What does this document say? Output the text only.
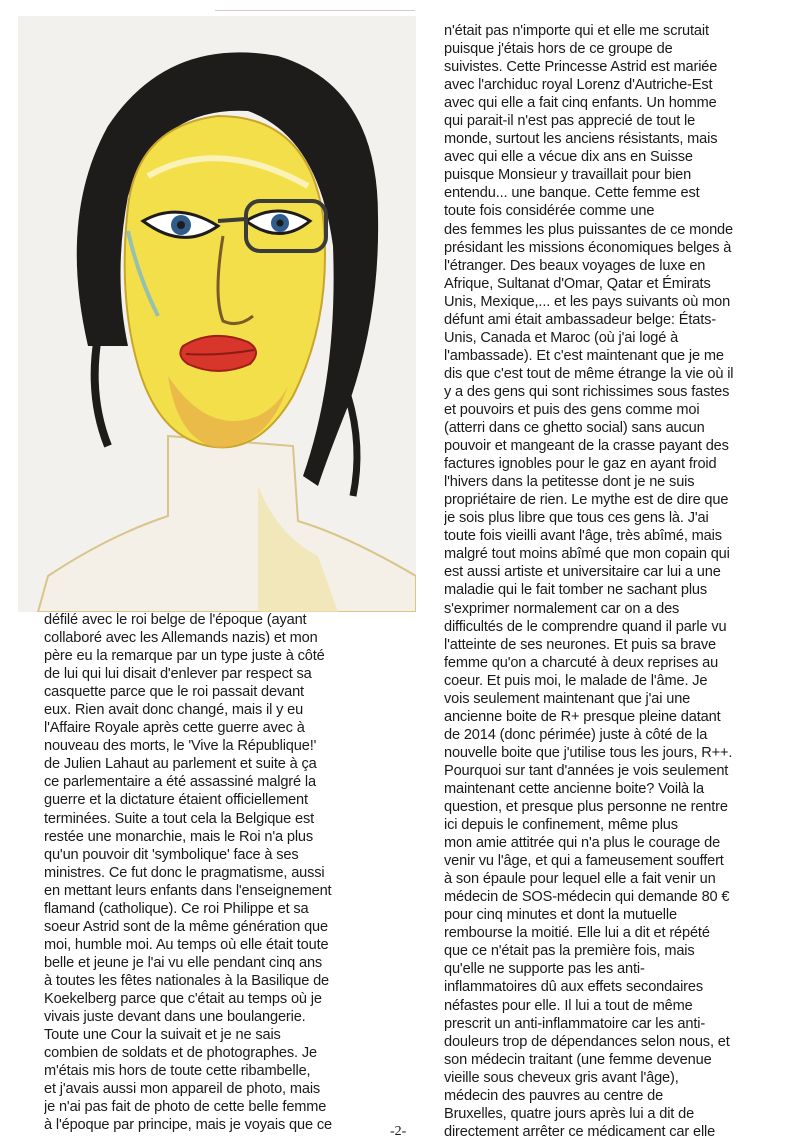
n'était pas n'importe qui et elle me scrutait
puisque j'étais hors de ce groupe de
suivistes. Cette Princesse Astrid est mariée
avec l'archiduc royal Lorenz d'Autriche-Est
avec qui elle a fait cinq enfants. Un homme
qui parait-il n'est pas apprecié de tout le
monde, surtout les anciens résistants, mais
avec qui elle a vécue dix ans en Suisse
puisque Monsieur y travaillait pour bien
entendu... une banque. Cette femme est
toute fois considérée comme une
des femmes les plus puissantes de ce monde
présidant les missions économiques belges à
l'étranger. Des beaux voyages de luxe en
Afrique, Sultanat d'Omar, Qatar et Émirats
Unis, Mexique,... et les pays suivants où mon
défunt ami était ambassadeur belge: États-
Unis, Canada et Maroc (où j'ai logé à
l'ambassade). Et c'est maintenant que je me
dis que c'est tout de même étrange la vie où il
y a des gens qui sont richissimes sous fastes
et pouvoirs et puis des gens comme moi
(atterri dans ce ghetto social) sans aucun
pouvoir et mangeant de la crasse payant des
factures ignobles pour le gaz en ayant froid
l'hivers dans la petitesse dont je ne suis
propriétaire de rien. Le mythe est de dire que
je sois plus libre que tous ces gens là. J'ai
toute fois vieilli avant l'âge, très abîmé, mais
malgré tout moins abîmé que mon copain qui
est aussi artiste et universitaire car lui a une
maladie qui le fait tomber ne sachant plus
s'exprimer normalement car on a des
difficultés de le comprendre quand il parle vu
l'atteinte de ses neurones. Et puis sa brave
femme qu'on a charcuté à deux reprises au
coeur. Et puis moi, le malade de l'âme. Je
vois seulement maintenant que j'ai une
ancienne boite de R+ presque pleine datant
de 2014 (donc périmée) juste à côté de la
nouvelle boite que j'utilise tous les jours, R++.
Pourquoi sur tant d'années je vois seulement
maintenant cette ancienne boite? Voilà la
question, et presque plus personne ne rentre
ici depuis le confinement, même plus
mon amie attitrée qui n'a plus le courage de
venir vu l'âge, et qui a fameusement souffert
à son épaule pour lequel elle a fait venir un
médecin de SOS-médecin qui demande 80 €
pour cinq minutes et dont la mutuelle
rembourse la moitié. Elle lui a dit et répété
que ce n'était pas la première fois, mais
qu'elle ne supporte pas les anti-
inflammatoires dû aux effets secondaires
néfastes pour elle. Il lui a tout de même
prescrit un anti-inflammatoire car les anti-
douleurs trop de dépendances selon nous, et
son médecin traitant (une femme devenue
vieille sous cheveux gris avant l'âge),
médecin des pauvres au centre de
Bruxelles, quatre jours après lui a dit de
directement arrêter ce médicament car elle
défilé avec le roi belge de l'époque (ayant
collaboré avec les Allemands nazis) et mon
père eu la remarque par un type juste à côté
de lui qui lui disait d'enlever par respect sa
casquette parce que le roi passait devant
eux. Rien avait donc changé, mais il y eu
l'Affaire Royale après cette guerre avec à
nouveau des morts, le 'Vive la République!'
de Julien Lahaut au parlement et suite à ça
ce parlementaire a été assassiné malgré la
guerre et la dictature étaient officiellement
terminées. Suite a tout cela la Belgique est
restée une monarchie, mais le Roi n'a plus
qu'un pouvoir dit 'symbolique' face à ses
ministres. Ce fut donc le pragmatisme, aussi
en mettant leurs enfants dans l'enseignement
flamand (catholique). Ce roi Philippe et sa
soeur Astrid sont de la même génération que
moi, humble moi. Au temps où elle était toute
belle et jeune je l'ai vu elle pendant cinq ans
à toutes les fêtes nationales à la Basilique de
Koekelberg parce que c'était au temps où je
vivais juste devant dans une boulangerie.
Toute une Cour la suivait et je ne sais
combien de soldats et de photographes. Je
m'étais mis hors de toute cette ribambelle,
et j'avais aussi mon appareil de photo, mais
je n'ai pas fait de photo de cette belle femme
à l'époque par principe, mais je voyais que ce	-2-
